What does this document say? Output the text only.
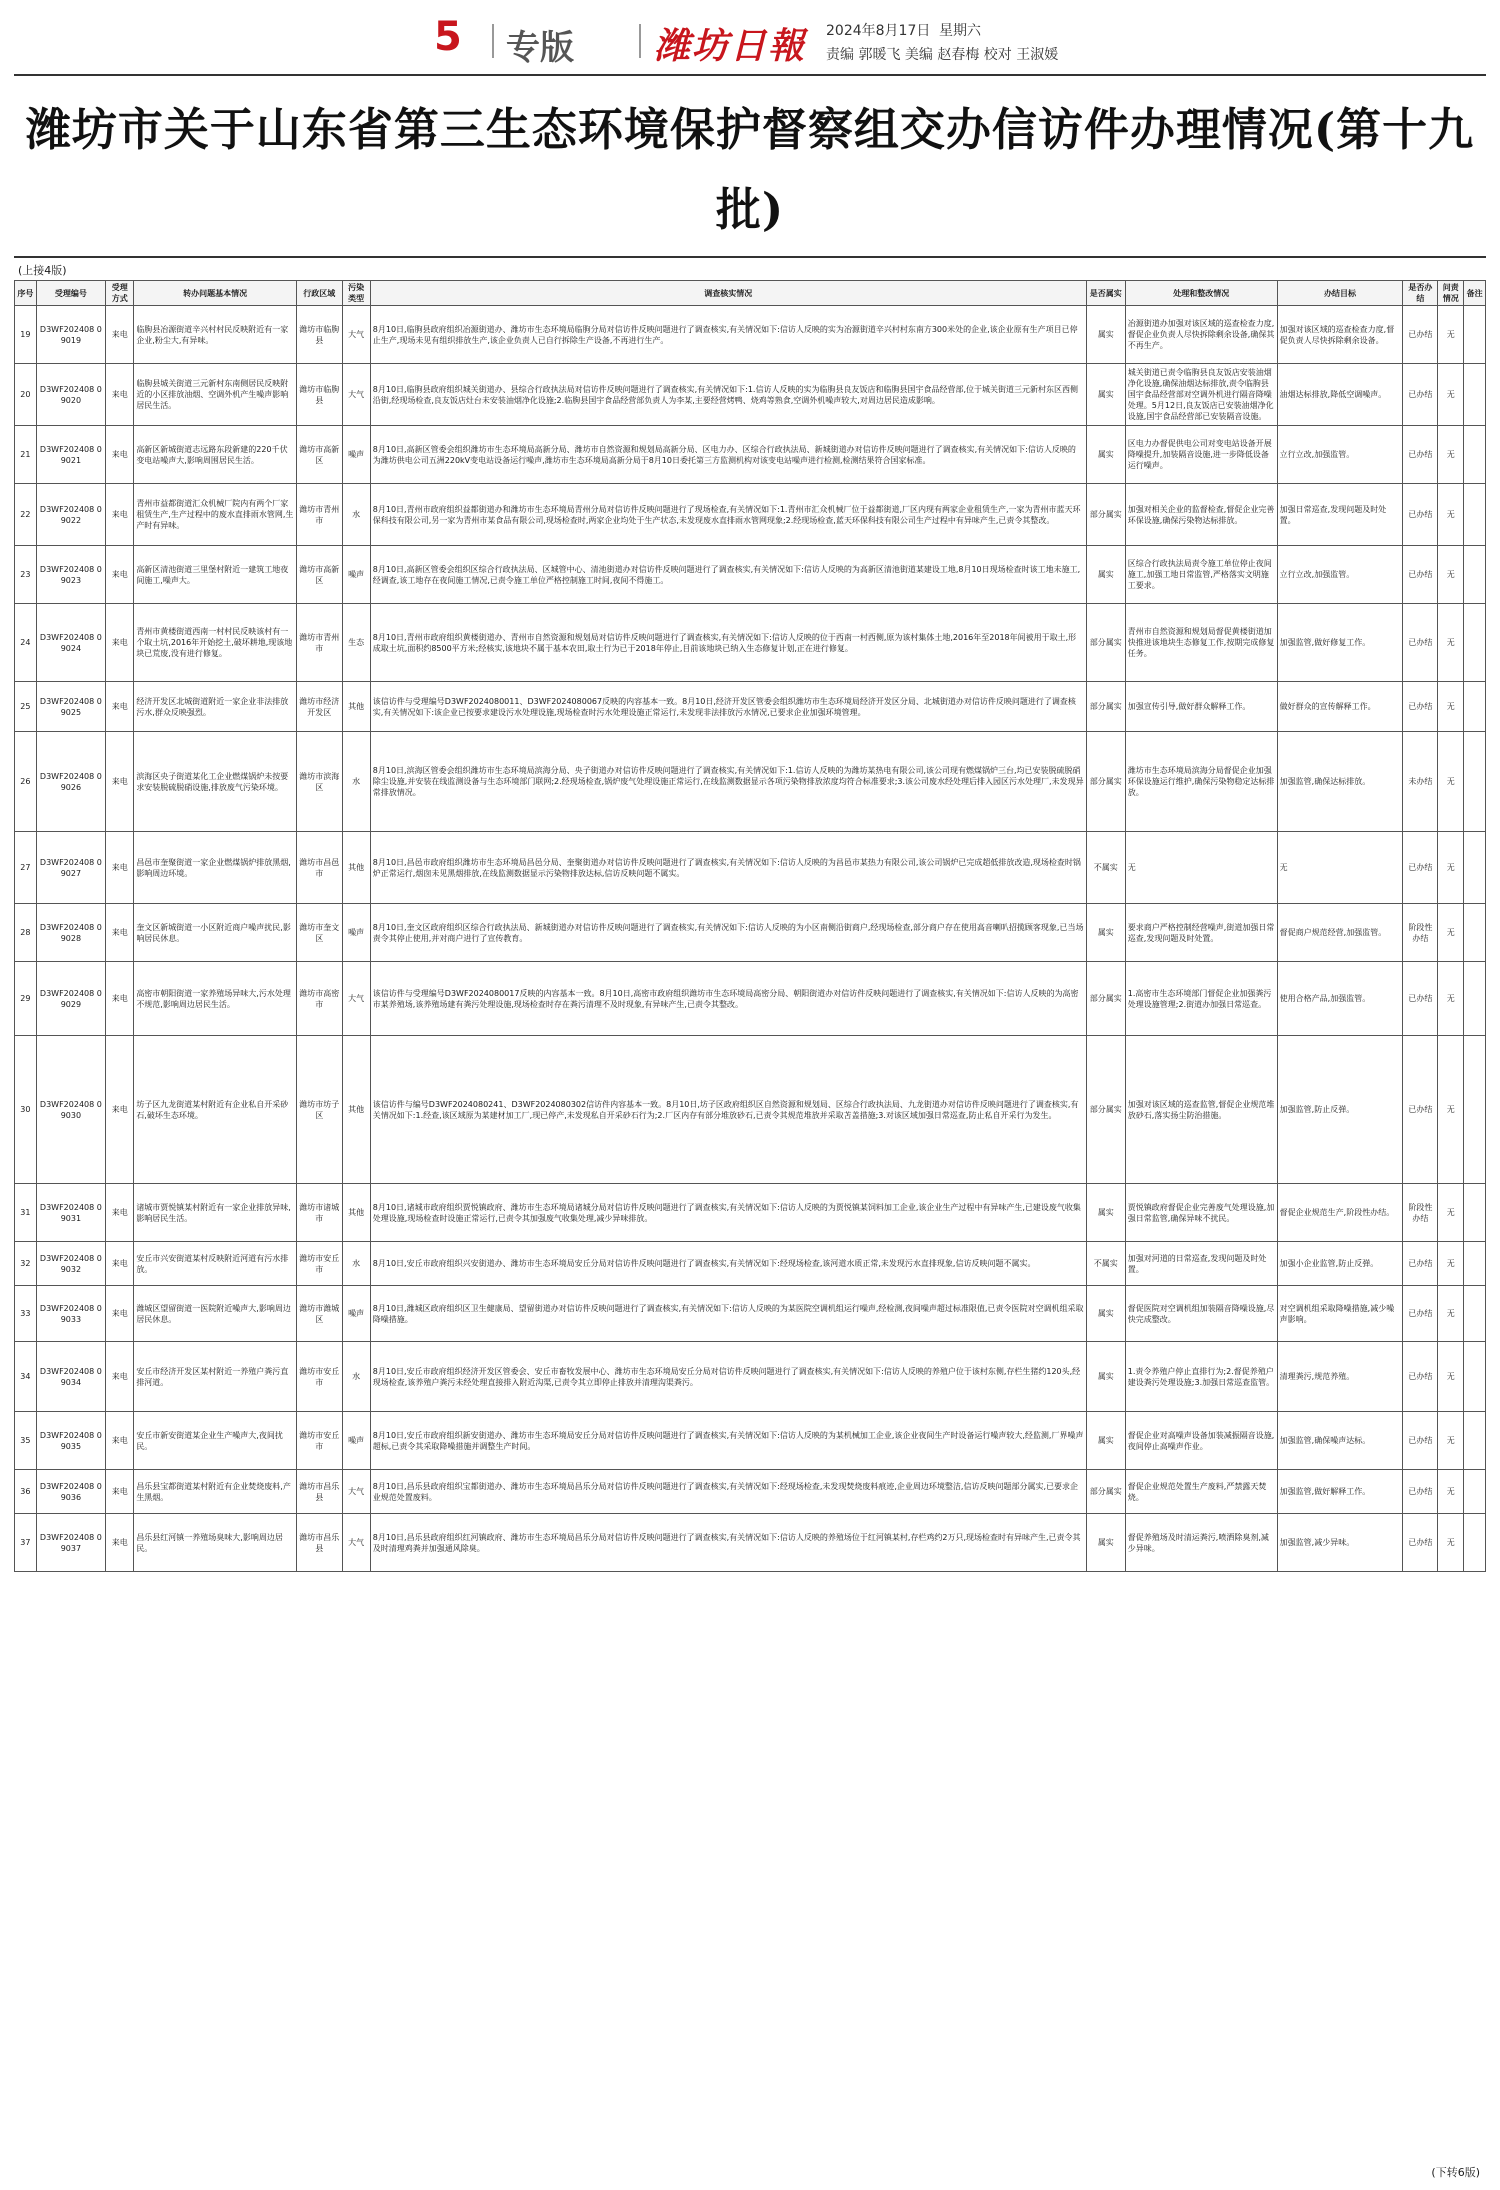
5 专版 潍坊日報 2024年8月17日 星期六
责编 郭暖飞 美编 赵春梅 校对 王淑媛
潍坊市关于山东省第三生态环境保护督察组交办信访件办理情况(第十九批)
(上接4版)
序号	受理编号	受理方式	转办问题基本情况	行政区域	污染类型	调查核实情况	是否属实	处理和整改情况	办结目标	是否办结	问责情况	备注
19	D3WF202408 09019	来电	临朐县冶源街道辛兴村村民反映附近有一家企业,粉尘大,有异味。	潍坊市临朐县	大气	8月10日,临朐县政府组织冶源街道办、潍坊市生态环境局临朐分局对信访件反映问题进行了调查核实,有关情况如下:信访人反映的实为冶源街道辛兴村村东南方300米处的企业,该企业原有生产项目已停止生产,现场未见有组织排放生产,该企业负责人已自行拆除生产设备,不再进行生产。	属实	冶源街道办加强对该区域的巡查检查力度,督促企业负责人尽快拆除剩余设备,确保其不再生产。	加强对该区域的巡查检查力度,督促负责人尽快拆除剩余设备。	已办结	无	
20	D3WF202408 09020	来电	临朐县城关街道三元新村东南侧居民反映附近的小区排放油烟、空调外机产生噪声影响居民生活。	潍坊市临朐县	大气	8月10日,临朐县政府组织城关街道办、县综合行政执法局对信访件反映问题进行了调查核实,有关情况如下:1.信访人反映的实为临朐县良友饭店和临朐县国宇食品经营部,位于城关街道三元新村东区西侧沿街,经现场检查,良友饭店灶台未安装油烟净化设施;2.临朐县国宇食品经营部负责人为李某,主要经营烤鸭、烧鸡等熟食,空调外机噪声较大,对周边居民造成影响。	属实	城关街道已责令临朐县良友饭店安装油烟净化设施,确保油烟达标排放,责令临朐县国宇食品经营部对空调外机进行隔音降噪处理。5月12日,良友饭店已安装油烟净化设施,国宇食品经营部已安装隔音设施。	油烟达标排放,降低空调噪声。	已办结	无	
21	D3WF202408 09021	来电	高新区新城街道志远路东段新建的220千伏变电站噪声大,影响周围居民生活。	潍坊市高新区	噪声	8月10日,高新区管委会组织潍坊市生态环境局高新分局、潍坊市自然资源和规划局高新分局、区电力办、区综合行政执法局、新城街道办对信访件反映问题进行了调查核实,有关情况如下:信访人反映的为潍坊供电公司五洲220kV变电站设备运行噪声,潍坊市生态环境局高新分局于8月10日委托第三方监测机构对该变电站噪声进行检测,检测结果符合国家标准。	属实	区电力办督促供电公司对变电站设备开展降噪提升,加装隔音设施,进一步降低设备运行噪声。	立行立改,加强监管。	已办结	无	
22	D3WF202408 09022	来电	青州市益都街道汇众机械厂院内有两个厂家租赁生产,生产过程中的废水直排雨水管网,生产时有异味。	潍坊市青州市	水	8月10日,青州市政府组织益都街道办和潍坊市生态环境局青州分局对信访件反映问题进行了现场检查,有关情况如下:1.青州市汇众机械厂位于益都街道,厂区内现有两家企业租赁生产,一家为青州市蓝天环保科技有限公司,另一家为青州市某食品有限公司,现场检查时,两家企业均处于生产状态,未发现废水直排雨水管网现象;2.经现场检查,蓝天环保科技有限公司生产过程中有异味产生,已责令其整改。	部分属实	加强对相关企业的监督检查,督促企业完善环保设施,确保污染物达标排放。	加强日常巡查,发现问题及时处置。	已办结	无	
23	D3WF202408 09023	来电	高新区清池街道三里堡村附近一建筑工地夜间施工,噪声大。	潍坊市高新区	噪声	8月10日,高新区管委会组织区综合行政执法局、区城管中心、清池街道办对信访件反映问题进行了调查核实,有关情况如下:信访人反映的为高新区清池街道某建设工地,8月10日现场检查时该工地未施工,经调查,该工地存在夜间施工情况,已责令施工单位严格控制施工时间,夜间不得施工。	属实	区综合行政执法局责令施工单位停止夜间施工,加强工地日常监管,严格落实文明施工要求。	立行立改,加强监管。	已办结	无	
24	D3WF202408 09024	来电	青州市黄楼街道西南一村村民反映该村有一个取土坑,2016年开始挖土,破坏耕地,现该地块已荒废,没有进行修复。	潍坊市青州市	生态	8月10日,青州市政府组织黄楼街道办、青州市自然资源和规划局对信访件反映问题进行了调查核实,有关情况如下:信访人反映的位于西南一村西侧,原为该村集体土地,2016年至2018年间被用于取土,形成取土坑,面积约8500平方米;经核实,该地块不属于基本农田,取土行为已于2018年停止,目前该地块已纳入生态修复计划,正在进行修复。	部分属实	青州市自然资源和规划局督促黄楼街道加快推进该地块生态修复工作,按期完成修复任务。	加强监管,做好修复工作。	已办结	无	
25	D3WF202408 09025	来电	经济开发区北城街道附近一家企业非法排放污水,群众反映强烈。	潍坊市经济开发区	其他	该信访件与受理编号D3WF2024080011、D3WF2024080067反映的内容基本一致。8月10日,经济开发区管委会组织潍坊市生态环境局经济开发区分局、北城街道办对信访件反映问题进行了调查核实,有关情况如下:该企业已按要求建设污水处理设施,现场检查时污水处理设施正常运行,未发现非法排放污水情况,已要求企业加强环境管理。	部分属实	加强宣传引导,做好群众解释工作。	做好群众的宣传解释工作。	已办结	无	
26	D3WF202408 09026	来电	滨海区央子街道某化工企业燃煤锅炉未按要求安装脱硫脱硝设施,排放废气污染环境。	潍坊市滨海区	水	8月10日,滨海区管委会组织潍坊市生态环境局滨海分局、央子街道办对信访件反映问题进行了调查核实,有关情况如下:1.信访人反映的为潍坊某热电有限公司,该公司现有燃煤锅炉三台,均已安装脱硫脱硝除尘设施,并安装在线监测设备与生态环境部门联网;2.经现场检查,锅炉废气处理设施正常运行,在线监测数据显示各项污染物排放浓度均符合标准要求;3.该公司废水经处理后排入园区污水处理厂,未发现异常排放情况。	部分属实	潍坊市生态环境局滨海分局督促企业加强环保设施运行维护,确保污染物稳定达标排放。	加强监管,确保达标排放。	未办结	无	
27	D3WF202408 09027	来电	昌邑市奎聚街道一家企业燃煤锅炉排放黑烟,影响周边环境。	潍坊市昌邑市	其他	8月10日,昌邑市政府组织潍坊市生态环境局昌邑分局、奎聚街道办对信访件反映问题进行了调查核实,有关情况如下:信访人反映的为昌邑市某热力有限公司,该公司锅炉已完成超低排放改造,现场检查时锅炉正常运行,烟囱未见黑烟排放,在线监测数据显示污染物排放达标,信访反映问题不属实。	不属实	无	无	已办结	无	
28	D3WF202408 09028	来电	奎文区新城街道一小区附近商户噪声扰民,影响居民休息。	潍坊市奎文区	噪声	8月10日,奎文区政府组织区综合行政执法局、新城街道办对信访件反映问题进行了调查核实,有关情况如下:信访人反映的为小区南侧沿街商户,经现场检查,部分商户存在使用高音喇叭招揽顾客现象,已当场责令其停止使用,并对商户进行了宣传教育。	属实	要求商户严格控制经营噪声,街道加强日常巡查,发现问题及时处置。	督促商户规范经营,加强监管。	阶段性办结	无	
29	D3WF202408 09029	来电	高密市朝阳街道一家养殖场异味大,污水处理不规范,影响周边居民生活。	潍坊市高密市	大气	该信访件与受理编号D3WF2024080017反映的内容基本一致。8月10日,高密市政府组织潍坊市生态环境局高密分局、朝阳街道办对信访件反映问题进行了调查核实,有关情况如下:信访人反映的为高密市某养殖场,该养殖场建有粪污处理设施,现场检查时存在粪污清理不及时现象,有异味产生,已责令其整改。	部分属实	1.高密市生态环境部门督促企业加强粪污处理设施管理;2.街道办加强日常巡查。	使用合格产品,加强监管。	已办结	无	
30	D3WF202408 09030	来电	坊子区九龙街道某村附近有企业私自开采砂石,破坏生态环境。	潍坊市坊子区	其他	该信访件与编号D3WF2024080241、D3WF2024080302信访件内容基本一致。8月10日,坊子区政府组织区自然资源和规划局、区综合行政执法局、九龙街道办对信访件反映问题进行了调查核实,有关情况如下:1.经查,该区域原为某建材加工厂,现已停产,未发现私自开采砂石行为;2.厂区内存有部分堆放砂石,已责令其规范堆放并采取苫盖措施;3.对该区域加强日常巡查,防止私自开采行为发生。	部分属实	加强对该区域的巡查监管,督促企业规范堆放砂石,落实扬尘防治措施。	加强监管,防止反弹。	已办结	无	
31	D3WF202408 09031	来电	诸城市贾悦镇某村附近有一家企业排放异味,影响居民生活。	潍坊市诸城市	其他	8月10日,诸城市政府组织贾悦镇政府、潍坊市生态环境局诸城分局对信访件反映问题进行了调查核实,有关情况如下:信访人反映的为贾悦镇某饲料加工企业,该企业生产过程中有异味产生,已建设废气收集处理设施,现场检查时设施正常运行,已责令其加强废气收集处理,减少异味排放。	属实	贾悦镇政府督促企业完善废气处理设施,加强日常监管,确保异味不扰民。	督促企业规范生产,阶段性办结。	阶段性办结	无	
32	D3WF202408 09032	来电	安丘市兴安街道某村反映附近河道有污水排放。	潍坊市安丘市	水	8月10日,安丘市政府组织兴安街道办、潍坊市生态环境局安丘分局对信访件反映问题进行了调查核实,有关情况如下:经现场检查,该河道水质正常,未发现污水直排现象,信访反映问题不属实。	不属实	加强对河道的日常巡查,发现问题及时处置。	加强小企业监管,防止反弹。	已办结	无	
33	D3WF202408 09033	来电	潍城区望留街道一医院附近噪声大,影响周边居民休息。	潍坊市潍城区	噪声	8月10日,潍城区政府组织区卫生健康局、望留街道办对信访件反映问题进行了调查核实,有关情况如下:信访人反映的为某医院空调机组运行噪声,经检测,夜间噪声超过标准限值,已责令医院对空调机组采取降噪措施。	属实	督促医院对空调机组加装隔音降噪设施,尽快完成整改。	对空调机组采取降噪措施,减少噪声影响。	已办结	无	
34	D3WF202408 09034	来电	安丘市经济开发区某村附近一养殖户粪污直排河道。	潍坊市安丘市	水	8月10日,安丘市政府组织经济开发区管委会、安丘市畜牧发展中心、潍坊市生态环境局安丘分局对信访件反映问题进行了调查核实,有关情况如下:信访人反映的养殖户位于该村东侧,存栏生猪约120头,经现场检查,该养殖户粪污未经处理直接排入附近沟渠,已责令其立即停止排放并清理沟渠粪污。	属实	1.责令养殖户停止直排行为;2.督促养殖户建设粪污处理设施;3.加强日常巡查监管。	清理粪污,规范养殖。	已办结	无	
35	D3WF202408 09035	来电	安丘市新安街道某企业生产噪声大,夜间扰民。	潍坊市安丘市	噪声	8月10日,安丘市政府组织新安街道办、潍坊市生态环境局安丘分局对信访件反映问题进行了调查核实,有关情况如下:信访人反映的为某机械加工企业,该企业夜间生产时设备运行噪声较大,经监测,厂界噪声超标,已责令其采取降噪措施并调整生产时间。	属实	督促企业对高噪声设备加装减振隔音设施,夜间停止高噪声作业。	加强监管,确保噪声达标。	已办结	无	
36	D3WF202408 09036	来电	昌乐县宝都街道某村附近有企业焚烧废料,产生黑烟。	潍坊市昌乐县	大气	8月10日,昌乐县政府组织宝都街道办、潍坊市生态环境局昌乐分局对信访件反映问题进行了调查核实,有关情况如下:经现场检查,未发现焚烧废料痕迹,企业周边环境整洁,信访反映问题部分属实,已要求企业规范处置废料。	部分属实	督促企业规范处置生产废料,严禁露天焚烧。	加强监管,做好解释工作。	已办结	无	
37	D3WF202408 09037	来电	昌乐县红河镇一养殖场臭味大,影响周边居民。	潍坊市昌乐县	大气	8月10日,昌乐县政府组织红河镇政府、潍坊市生态环境局昌乐分局对信访件反映问题进行了调查核实,有关情况如下:信访人反映的养殖场位于红河镇某村,存栏鸡约2万只,现场检查时有异味产生,已责令其及时清理鸡粪并加强通风除臭。	属实	督促养殖场及时清运粪污,喷洒除臭剂,减少异味。	加强监管,减少异味。	已办结	无	
(下转6版)
